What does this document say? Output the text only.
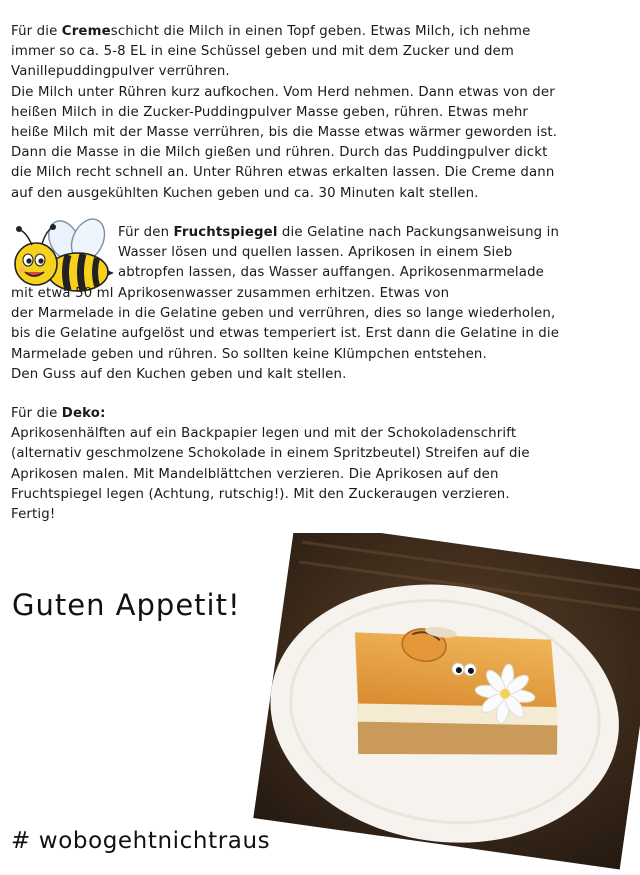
Für die Cremeschicht die Milch in einen Topf geben. Etwas Milch, ich nehme

immer so ca. 5-8 EL in eine Schüssel geben und mit dem Zucker und dem

Vanillepuddingpulver verrühren.

Die Milch unter Rühren kurz aufkochen. Vom Herd nehmen. Dann etwas von der

heißen Milch in die Zucker-Puddingpulver Masse geben, rühren. Etwas mehr

heiße Milch mit der Masse verrühren, bis die Masse etwas wärmer geworden ist.

Dann die Masse in die Milch gießen und rühren. Durch das Puddingpulver dickt

die Milch recht schnell an. Unter Rühren etwas erkalten lassen. Die Creme dann

auf den ausgekühlten Kuchen geben und ca. 30 Minuten kalt stellen.

Für den Fruchtspiegel die Gelatine nach Packungsanweisung in

Wasser lösen und quellen lassen. Aprikosen in einem Sieb

abtropfen lassen, das Wasser auffangen. Aprikosenmarmelade

mit etwa 50 ml Aprikosenwasser zusammen erhitzen. Etwas von

der Marmelade in die Gelatine geben und verrühren, dies so lange wiederholen,

bis die Gelatine aufgelöst und etwas temperiert ist. Erst dann die Gelatine in die

Marmelade geben und rühren. So sollten keine Klümpchen entstehen.

Den Guss auf den Kuchen geben und kalt stellen.

Für die Deko:

Aprikosenhälften auf ein Backpapier legen und mit der Schokoladenschrift

(alternativ geschmolzene Schokolade in einem Spritzbeutel) Streifen auf die

Aprikosen malen. Mit Mandelblättchen verzieren. Die Aprikosen auf den

Fruchtspiegel legen (Achtung, rutschig!). Mit den Zuckeraugen verzieren.

Fertig!

Guten Appetit!
# wobogehtnichtraus
